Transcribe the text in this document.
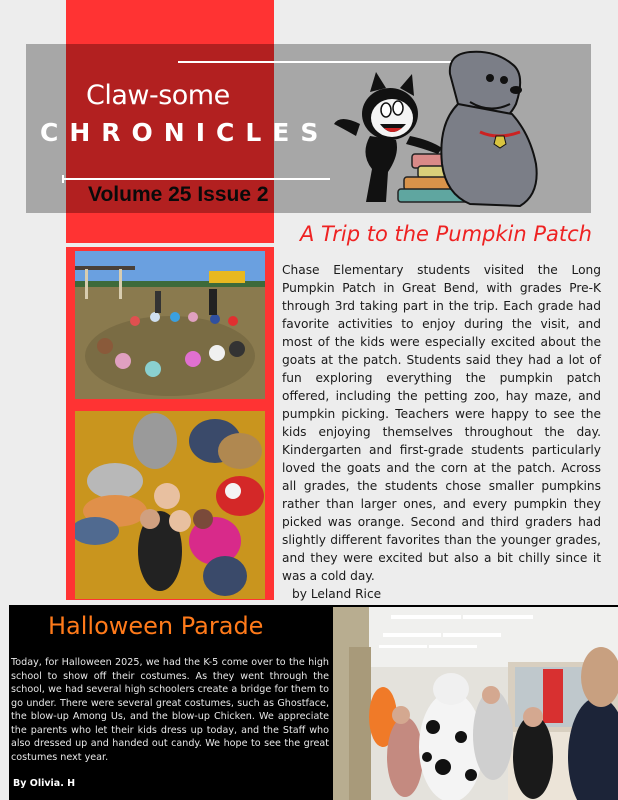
Claw-some
CHRONICLES
Volume 25 Issue 2
A Trip to the Pumpkin Patch
Chase Elementary students visited the Long Pumpkin Patch in Great Bend, with grades Pre-K through 3rd taking part in the trip. Each grade had favorite activities to enjoy during the visit, and most of the kids were especially excited about the goats at the patch. Students said they had a lot of fun exploring everything the pumpkin patch offered, including the petting zoo, hay maze, and pumpkin picking. Teachers were happy to see the kids enjoying themselves throughout the day. Kindergarten and first-grade students particularly loved the goats and the corn at the patch. Across all grades, the students chose smaller pumpkins rather than larger ones, and every pumpkin they picked was orange. Second and third graders had slightly different favorites than the younger grades, and they were excited but also a bit chilly since it was a cold day.
by Leland Rice
Halloween Parade
Today, for Halloween 2025, we had the K-5 come over to the high school to show off their costumes. As they went through the school, we had several high schoolers create a bridge for them to go under. There were several great costumes, such as Ghostface, the blow-up Among Us, and the blow-up Chicken. We appreciate the parents who let their kids dress up today, and the Staff who also dressed up and handed out candy. We hope to see the great costumes next year.
By Olivia. H
